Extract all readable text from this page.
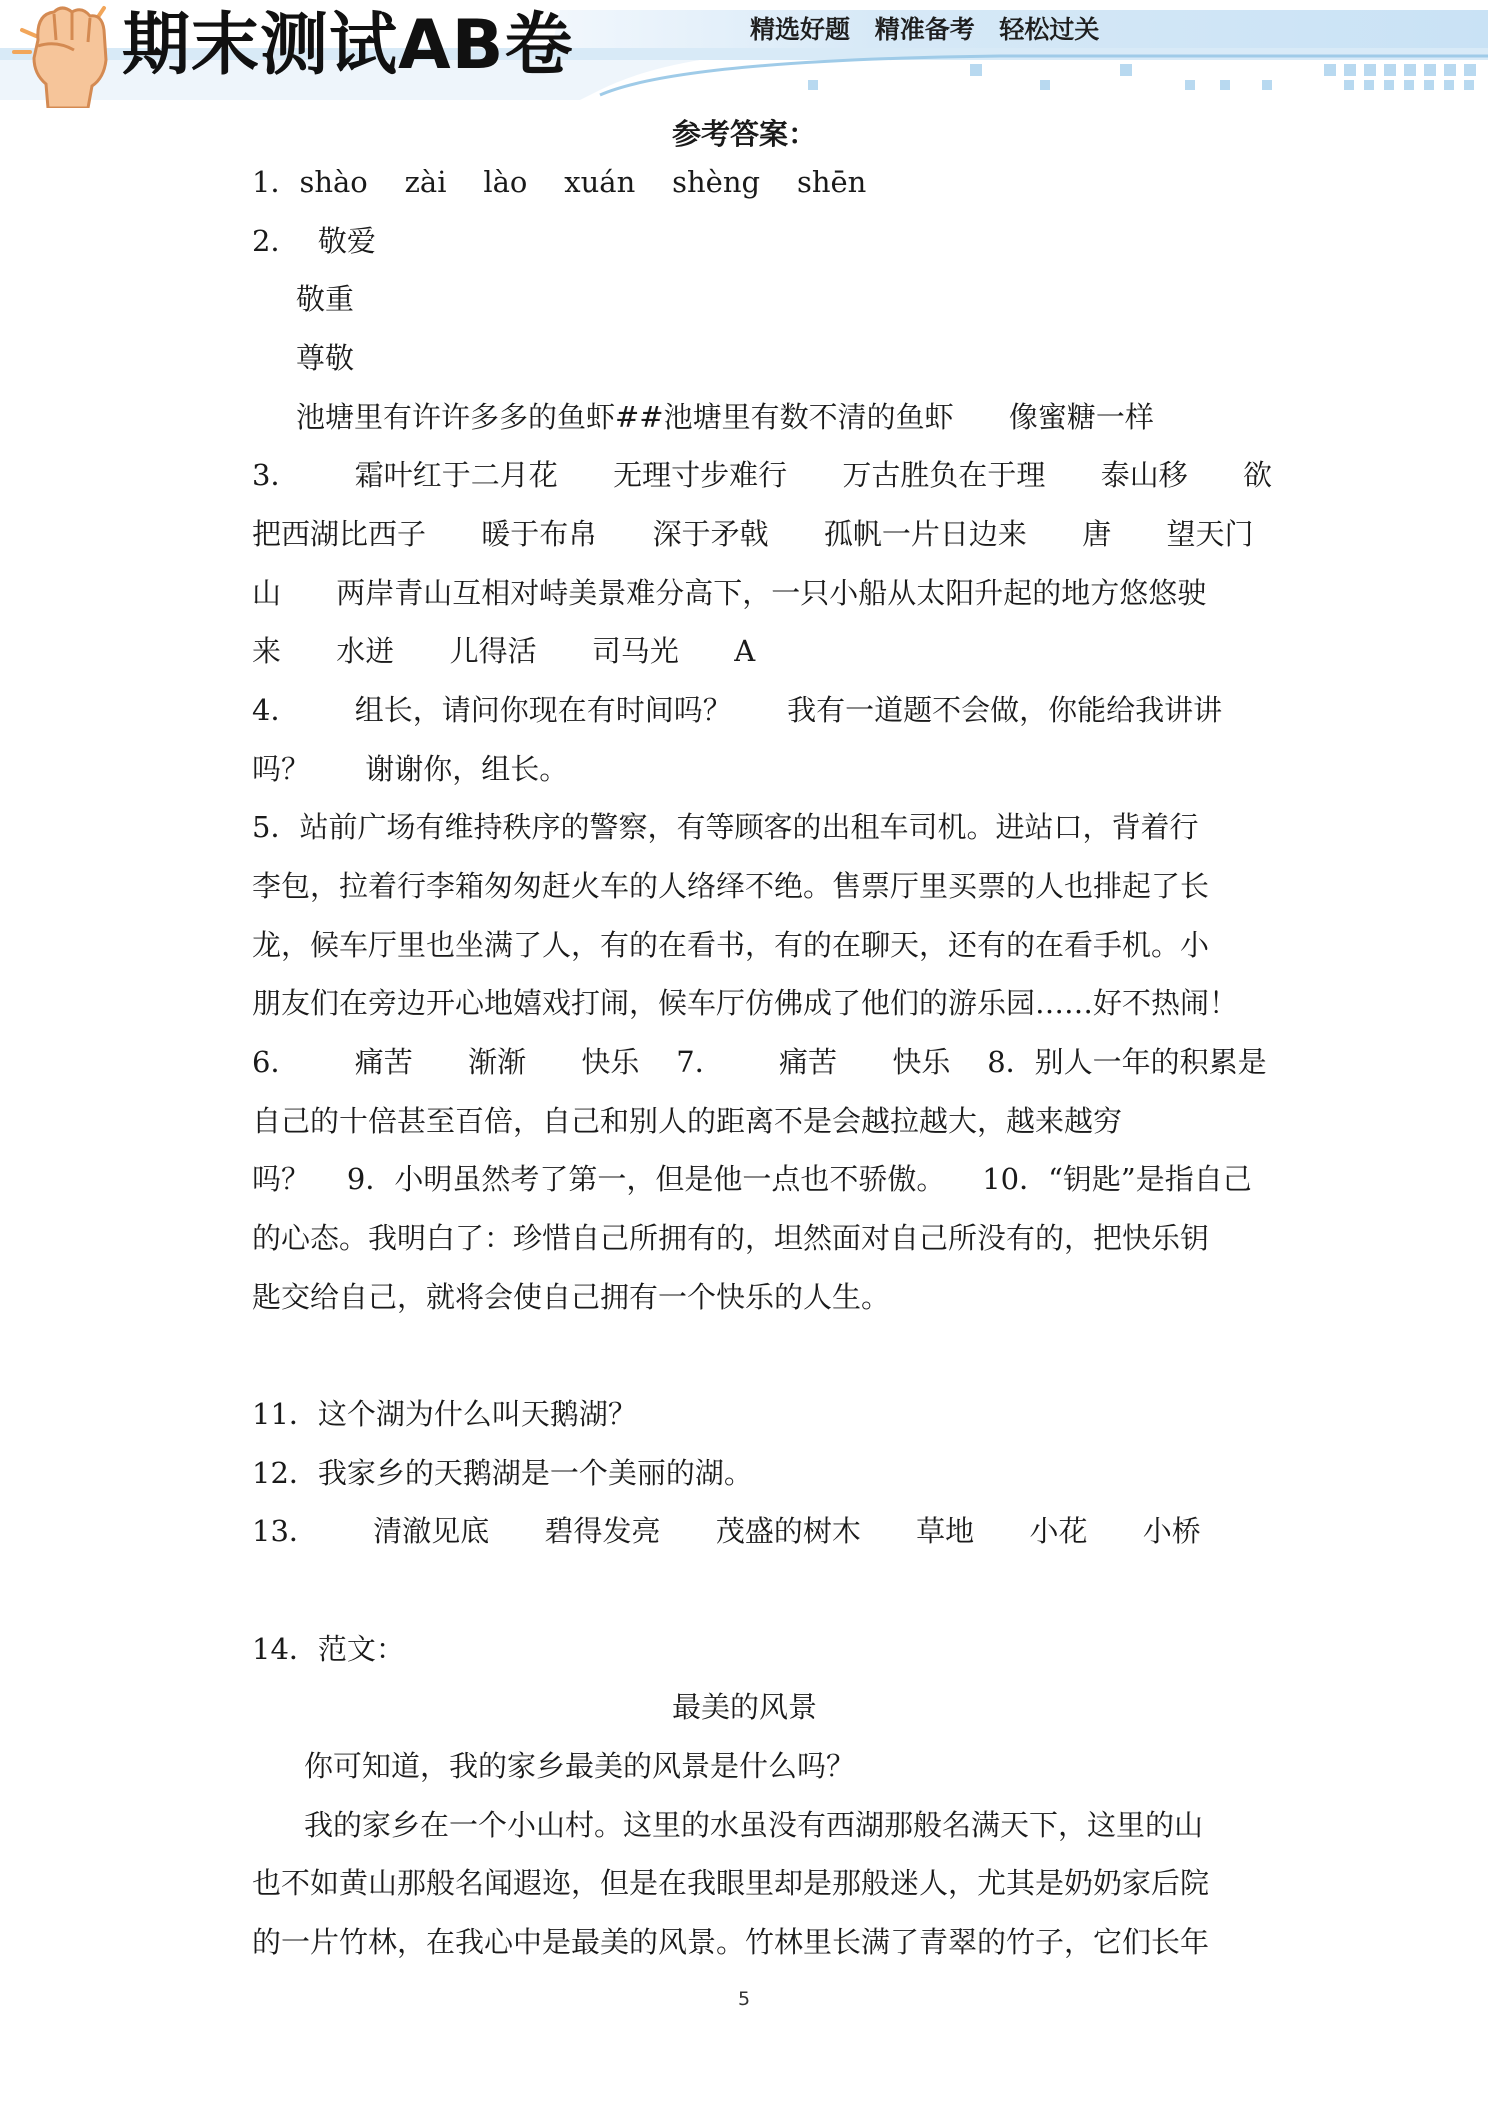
期末测试AB卷	精选好题 精准备考 轻松过关
参考答案：
1．shào    zài    lào    xuán    shèng    shēn
2．  敬爱
敬重
尊敬
池塘里有许许多多的鱼虾##池塘里有数不清的鱼虾      像蜜糖一样
3．      霜叶红于二月花      无理寸步难行      万古胜负在于理      泰山移      欲
把西湖比西子      暖于布帛      深于矛戟      孤帆一片日边来      唐      望天门
山      两岸青山互相对峙美景难分高下，一只小船从太阳升起的地方悠悠驶
来      水迸      儿得活      司马光      A
4．      组长，请问你现在有时间吗？      我有一道题不会做，你能给我讲讲
吗？      谢谢你，组长。
5．站前广场有维持秩序的警察，有等顾客的出租车司机。进站口，背着行
李包，拉着行李箱匆匆赶火车的人络绎不绝。售票厅里买票的人也排起了长
龙，候车厅里也坐满了人，有的在看书，有的在聊天，还有的在看手机。小
朋友们在旁边开心地嬉戏打闹，候车厅仿佛成了他们的游乐园……好不热闹！
6．      痛苦      渐渐      快乐    7．      痛苦      快乐    8．别人一年的积累是
自己的十倍甚至百倍，自己和别人的距离不是会越拉越大，越来越穷
吗？    9．小明虽然考了第一，但是他一点也不骄傲。    10．“钥匙”是指自己
的心态。我明白了：珍惜自己所拥有的，坦然面对自己所没有的，把快乐钥
匙交给自己，就将会使自己拥有一个快乐的人生。
11．这个湖为什么叫天鹅湖？
12．我家乡的天鹅湖是一个美丽的湖。
13．      清澈见底      碧得发亮      茂盛的树木      草地      小花      小桥
14．范文：
最美的风景
你可知道，我的家乡最美的风景是什么吗？
我的家乡在一个小山村。这里的水虽没有西湖那般名满天下，这里的山
也不如黄山那般名闻遐迩，但是在我眼里却是那般迷人，尤其是奶奶家后院
的一片竹林，在我心中是最美的风景。竹林里长满了青翠的竹子，它们长年
5
